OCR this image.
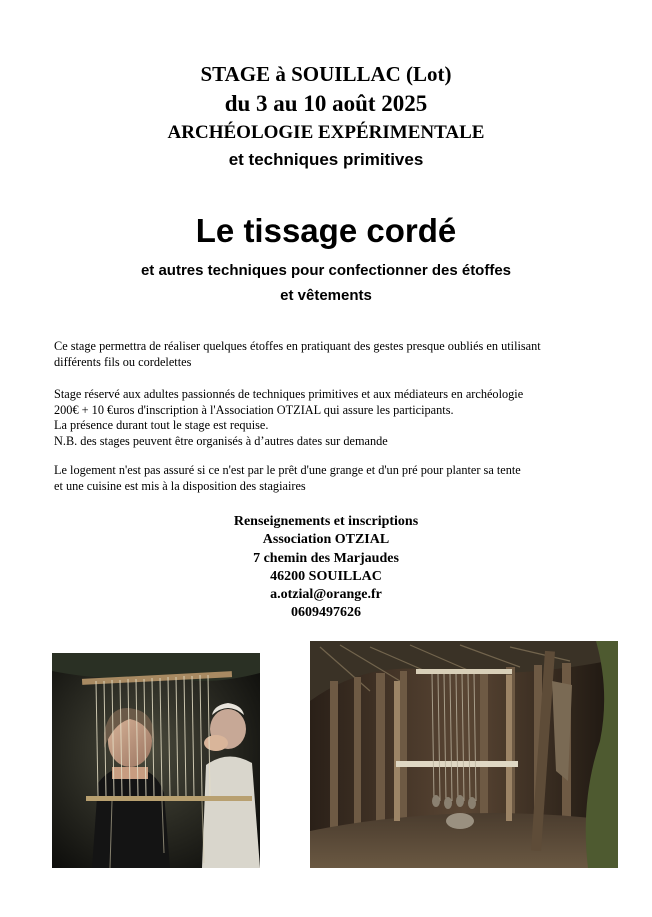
STAGE à SOUILLAC (Lot)
du 3 au 10 août 2025
ARCHÉOLOGIE EXPÉRIMENTALE
et techniques primitives
Le tissage cordé
et autres techniques pour confectionner des étoffes
et vêtements
Ce stage permettra de réaliser quelques étoffes en pratiquant des gestes presque oubliés en utilisant
différents fils ou cordelettes
Stage réservé aux adultes passionnés de techniques primitives et aux médiateurs en archéologie
200€ + 10 €uros d'inscription à l'Association OTZIAL qui assure les participants.
La présence durant tout le stage est requise.
N.B. des stages peuvent être organisés à d’autres dates sur demande
Le logement n'est pas assuré si ce n'est par le prêt d'une grange et d'un pré pour planter sa tente
et une cuisine est mis à la disposition des stagiaires
Renseignements et inscriptions
Association OTZIAL
7 chemin des Marjaudes
46200 SOUILLAC
a.otzial@orange.fr
0609497626
